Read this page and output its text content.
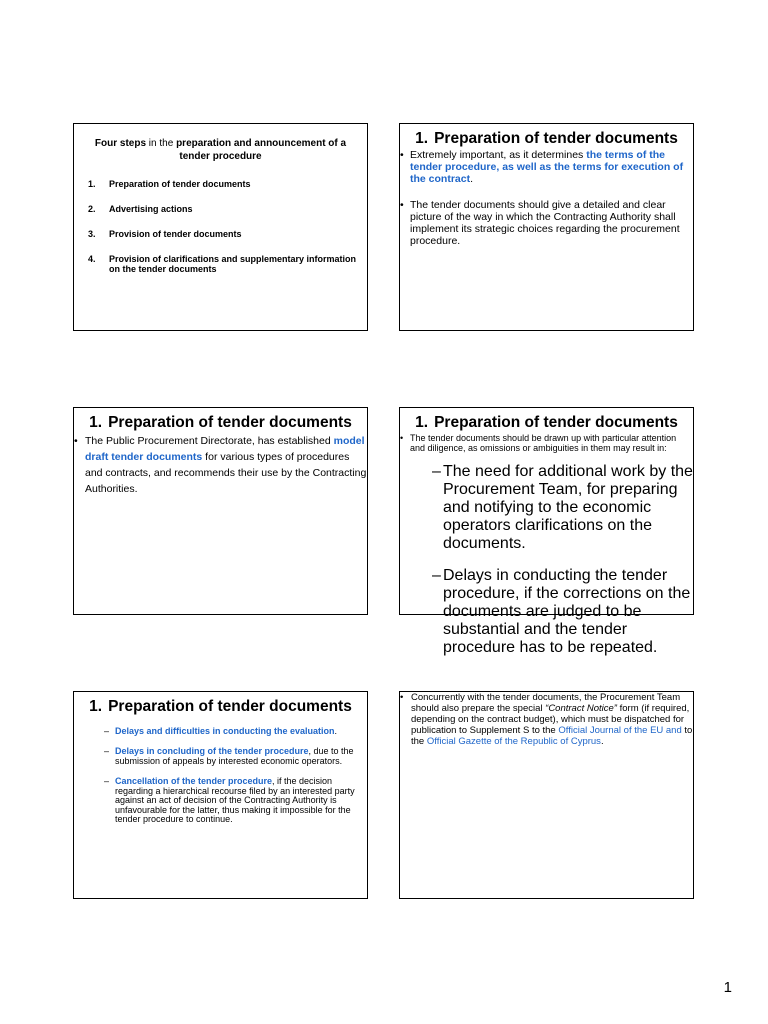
Four steps in the preparation and announcement of a tender procedure
1.	Preparation of tender documents
2.	Advertising actions
3.	Provision of tender documents
4.	Provision of clarifications and supplementary information on the tender documents
1. Preparation of tender documents
• Extremely important, as it determines the terms of the tender procedure, as well as the terms for execution of the contract.
• The tender documents should give a detailed and clear picture of the way in which the Contracting Authority shall implement its strategic choices regarding the procurement procedure.
1. Preparation of tender documents
• The Public Procurement Directorate, has established model draft tender documents for various types of procedures and contracts, and recommends their use by the Contracting Authorities.
1. Preparation of tender documents
• The tender documents should be drawn up with particular attention and diligence, as omissions or ambiguities in them may result in:
– The need for additional work by the Procurement Team, for preparing and notifying to the economic operators clarifications on the documents.
– Delays in conducting the tender procedure, if the corrections on the documents are judged to be substantial and the tender procedure has to be repeated.
1. Preparation of tender documents
– Delays and difficulties in conducting the evaluation.
– Delays in concluding of the tender procedure, due to the submission of appeals by interested economic operators.
– Cancellation of the tender procedure, if the decision regarding a hierarchical recourse filed by an interested party against an act of decision of the Contracting Authority is unfavourable for the latter, thus making it impossible for the tender procedure to continue.
• Concurrently with the tender documents, the Procurement Team should also prepare the special “Contract Notice” form (if required, depending on the contract budget), which must be dispatched for publication to Supplement S to the Official Journal of the EU and to the Official Gazette of the Republic of Cyprus.
1
